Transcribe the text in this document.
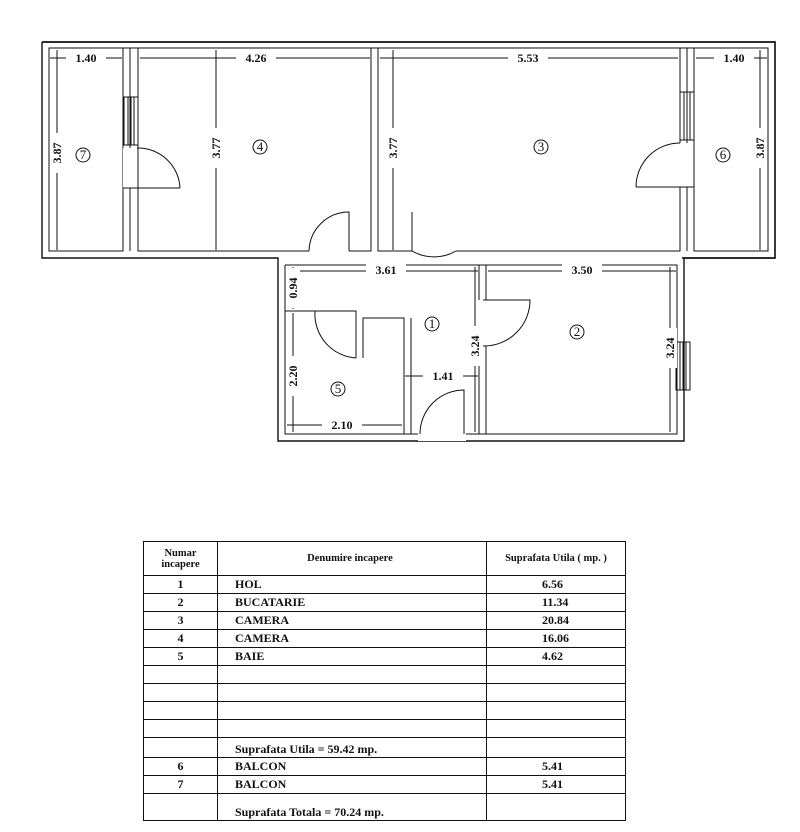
1.40	4.26	5.53	1.40
3.87	3.77	3.77	3.87
3.61
0.94
3.50
3.24
3.24
1.41
2.20
2.10
7
4	3
6
1
2
5
Numar incapere	Denumire incapere	Suprafata Utila ( mp. )
1	HOL	6.56
2	BUCATARIE	11.34
3	CAMERA	20.84
4	CAMERA	16.06
5	BAIE	4.62

	Suprafata Utila = 59.42 mp.	
6	BALCON	5.41
7	BALCON	5.41
	Suprafata Totala = 70.24 mp.	
